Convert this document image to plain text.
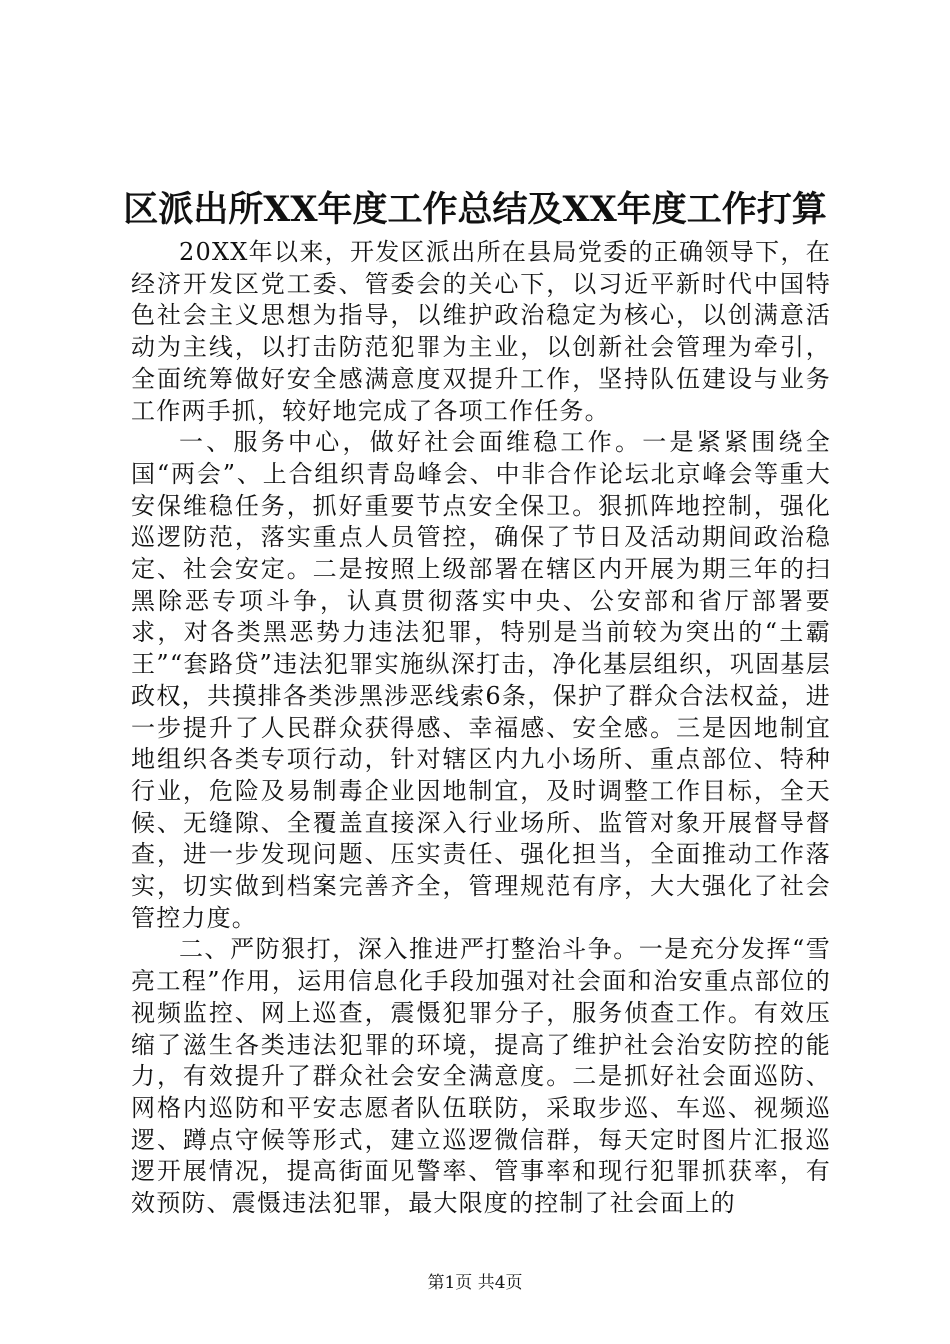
区派出所XX年度工作总结及XX年度工作打算

20XX年以来，开发区派出所在县局党委的正确领导下，在经济开发区党工委、管委会的关心下，以习近平新时代中国特色社会主义思想为指导，以维护政治稳定为核心，以创满意活动为主线，以打击防范犯罪为主业，以创新社会管理为牵引，全面统筹做好安全感满意度双提升工作，坚持队伍建设与业务工作两手抓，较好地完成了各项工作任务。

一、服务中心，做好社会面维稳工作。一是紧紧围绕全国“两会”、上合组织青岛峰会、中非合作论坛北京峰会等重大安保维稳任务，抓好重要节点安全保卫。狠抓阵地控制，强化巡逻防范，落实重点人员管控，确保了节日及活动期间政治稳定、社会安定。二是按照上级部署在辖区内开展为期三年的扫黑除恶专项斗争，认真贯彻落实中央、公安部和省厅部署要求，对各类黑恶势力违法犯罪，特别是当前较为突出的“土霸王”“套路贷”违法犯罪实施纵深打击，净化基层组织，巩固基层政权，共摸排各类涉黑涉恶线索6条，保护了群众合法权益，进一步提升了人民群众获得感、幸福感、安全感。三是因地制宜地组织各类专项行动，针对辖区内九小场所、重点部位、特种行业，危险及易制毒企业因地制宜，及时调整工作目标，全天候、无缝隙、全覆盖直接深入行业场所、监管对象开展督导督查，进一步发现问题、压实责任、强化担当，全面推动工作落实，切实做到档案完善齐全，管理规范有序，大大强化了社会管控力度。

二、严防狠打，深入推进严打整治斗争。一是充分发挥“雪亮工程”作用，运用信息化手段加强对社会面和治安重点部位的视频监控、网上巡查，震慑犯罪分子，服务侦查工作。有效压缩了滋生各类违法犯罪的环境，提高了维护社会治安防控的能力，有效提升了群众社会安全满意度。二是抓好社会面巡防、网格内巡防和平安志愿者队伍联防，采取步巡、车巡、视频巡逻、蹲点守候等形式，建立巡逻微信群，每天定时图片汇报巡逻开展情况，提高街面见警率、管事率和现行犯罪抓获率，有效预防、震慑违法犯罪，最大限度的控制了社会面上的

第1页 共4页
